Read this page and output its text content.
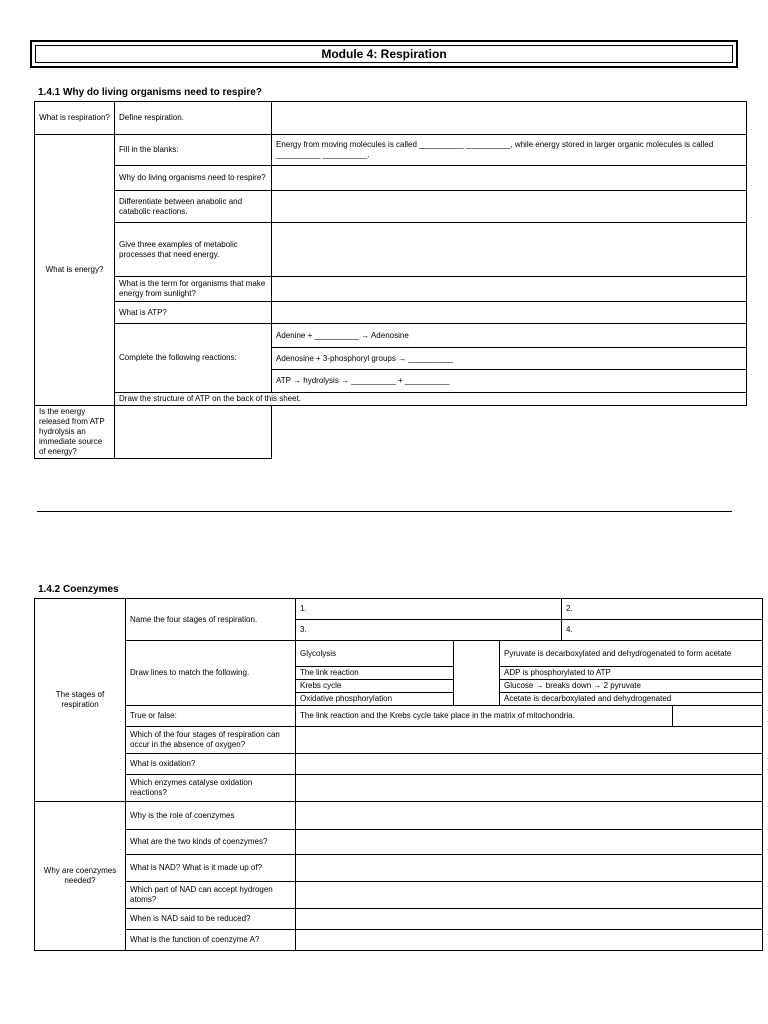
Module 4: Respiration
1.4.1 Why do living organisms need to respire?
What is respiration?	Define respiration.	
What is energy?	Fill in the blanks:	Energy from moving molecules is called __________ __________, while energy stored in larger organic molecules is called __________ __________.
	Why do living organisms need to respire?	
	Differentiate between anabolic and catabolic reactions.	
	Give three examples of metabolic processes that need energy.	
	What is the term for organisms that make energy from sunlight?	
	What is ATP?	
	Complete the following reactions:	Adenine + __________ → Adenosine
		Adenosine + 3-phosphoryl groups → __________
		ATP → hydrolysis → __________ + __________
	Draw the structure of ATP on the back of this sheet.	
Is the energy released from ATP hydrolysis an immediate source of energy?		
1.4.2 Coenzymes
The stages of respiration	Name the four stages of respiration.	1.			2.	
		3.			4.	
	Draw lines to match the following.	Glycolysis		Pyruvate is decarboxylated and dehydrogenated to form acetate		
		The link reaction		ADP is phosphorylated to ATP		
		Krebs cycle		Glucose → breaks down → 2 pyruvate		
		Oxidative phosphorylation		Acetate is decarboxylated and dehydrogenated		
	True or false:	The link reaction and the Krebs cycle take place in the matrix of mitochondria.				
	Which of the four stages of respiration can occur in the absence of oxygen?					
	What is oxidation?					
	Which enzymes catalyse oxidation reactions?					
Why are coenzymes needed?	Why is the role of coenzymes					
	What are the two kinds of coenzymes?					
	What is NAD? What is it made up of?					
	Which part of NAD can accept hydrogen atoms?					
	When is NAD said to be reduced?					
	What is the function of coenzyme A?					
